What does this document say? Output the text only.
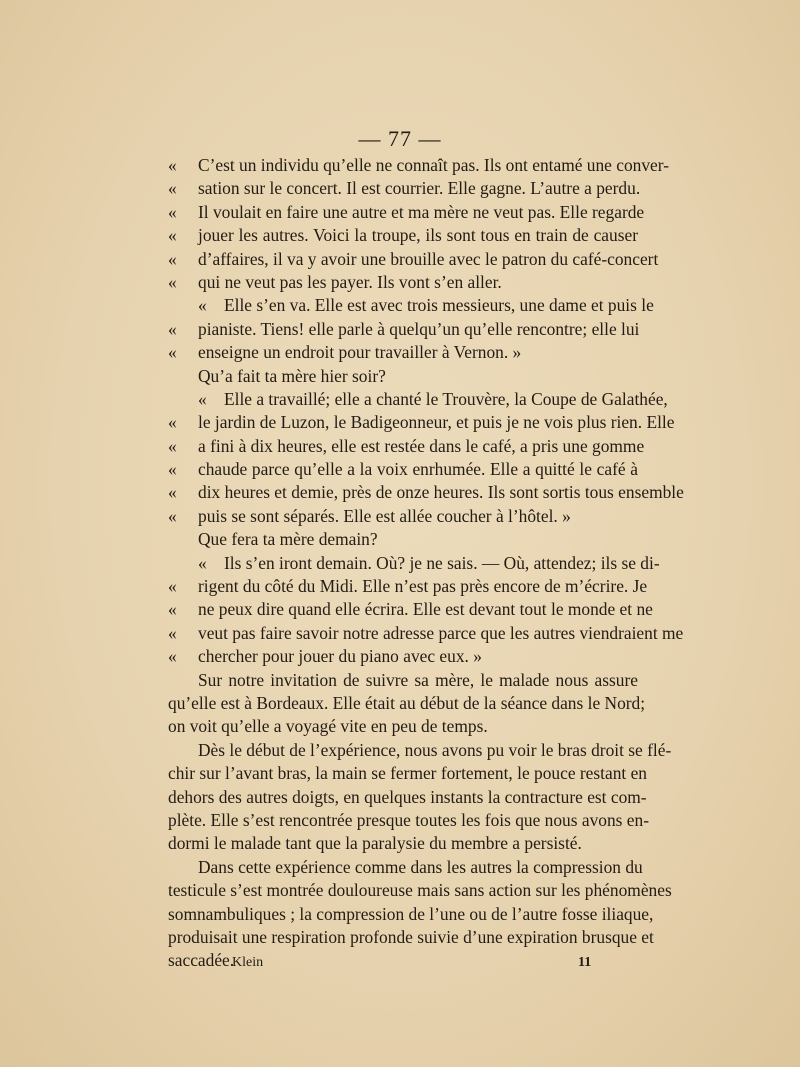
— 77 —
«	C’est un individu qu’elle ne connaît pas. Ils ont entamé une conver-
«	sation sur le concert. Il est courrier. Elle gagne. L’autre a perdu.
«	Il voulait en faire une autre et ma mère ne veut pas. Elle regarde
«	jouer les autres. Voici la troupe, ils sont tous en train de causer
«	d’affaires, il va y avoir une brouille avec le patron du café-concert
«	qui ne veut pas les payer. Ils vont s’en aller.
« Elle s’en va. Elle est avec trois messieurs, une dame et puis le
«	pianiste. Tiens! elle parle à quelqu’un qu’elle rencontre; elle lui
«	enseigne un endroit pour travailler à Vernon. »
Qu’a fait ta mère hier soir?
« Elle a travaillé; elle a chanté le Trouvère, la Coupe de Galathée,
«	le jardin de Luzon, le Badigeonneur, et puis je ne vois plus rien. Elle
«	a fini à dix heures, elle est restée dans le café, a pris une gomme
«	chaude parce qu’elle a la voix enrhumée. Elle a quitté le café à
«	dix heures et demie, près de onze heures. Ils sont sortis tous ensemble
«	puis se sont séparés. Elle est allée coucher à l’hôtel. »
Que fera ta mère demain?
« Ils s’en iront demain. Où? je ne sais. — Où, attendez; ils se di-
«	rigent du côté du Midi. Elle n’est pas près encore de m’écrire. Je
«	ne peux dire quand elle écrira. Elle est devant tout le monde et ne
«	veut pas faire savoir notre adresse parce que les autres viendraient me
«	chercher pour jouer du piano avec eux. »
Sur notre invitation de suivre sa mère, le malade nous assure
qu’elle est à Bordeaux. Elle était au début de la séance dans le Nord;
on voit qu’elle a voyagé vite en peu de temps.
Dès le début de l’expérience, nous avons pu voir le bras droit se flé-
chir sur l’avant bras, la main se fermer fortement, le pouce restant en
dehors des autres doigts, en quelques instants la contracture est com-
plète. Elle s’est rencontrée presque toutes les fois que nous avons en-
dormi le malade tant que la paralysie du membre a persisté.
Dans cette expérience comme dans les autres la compression du
testicule s’est montrée douloureuse mais sans action sur les phénomènes
somnambuliques ; la compression de l’une ou de l’autre fosse iliaque,
produisait une respiration profonde suivie d’une expiration brusque et
saccadée.
Klein	11
